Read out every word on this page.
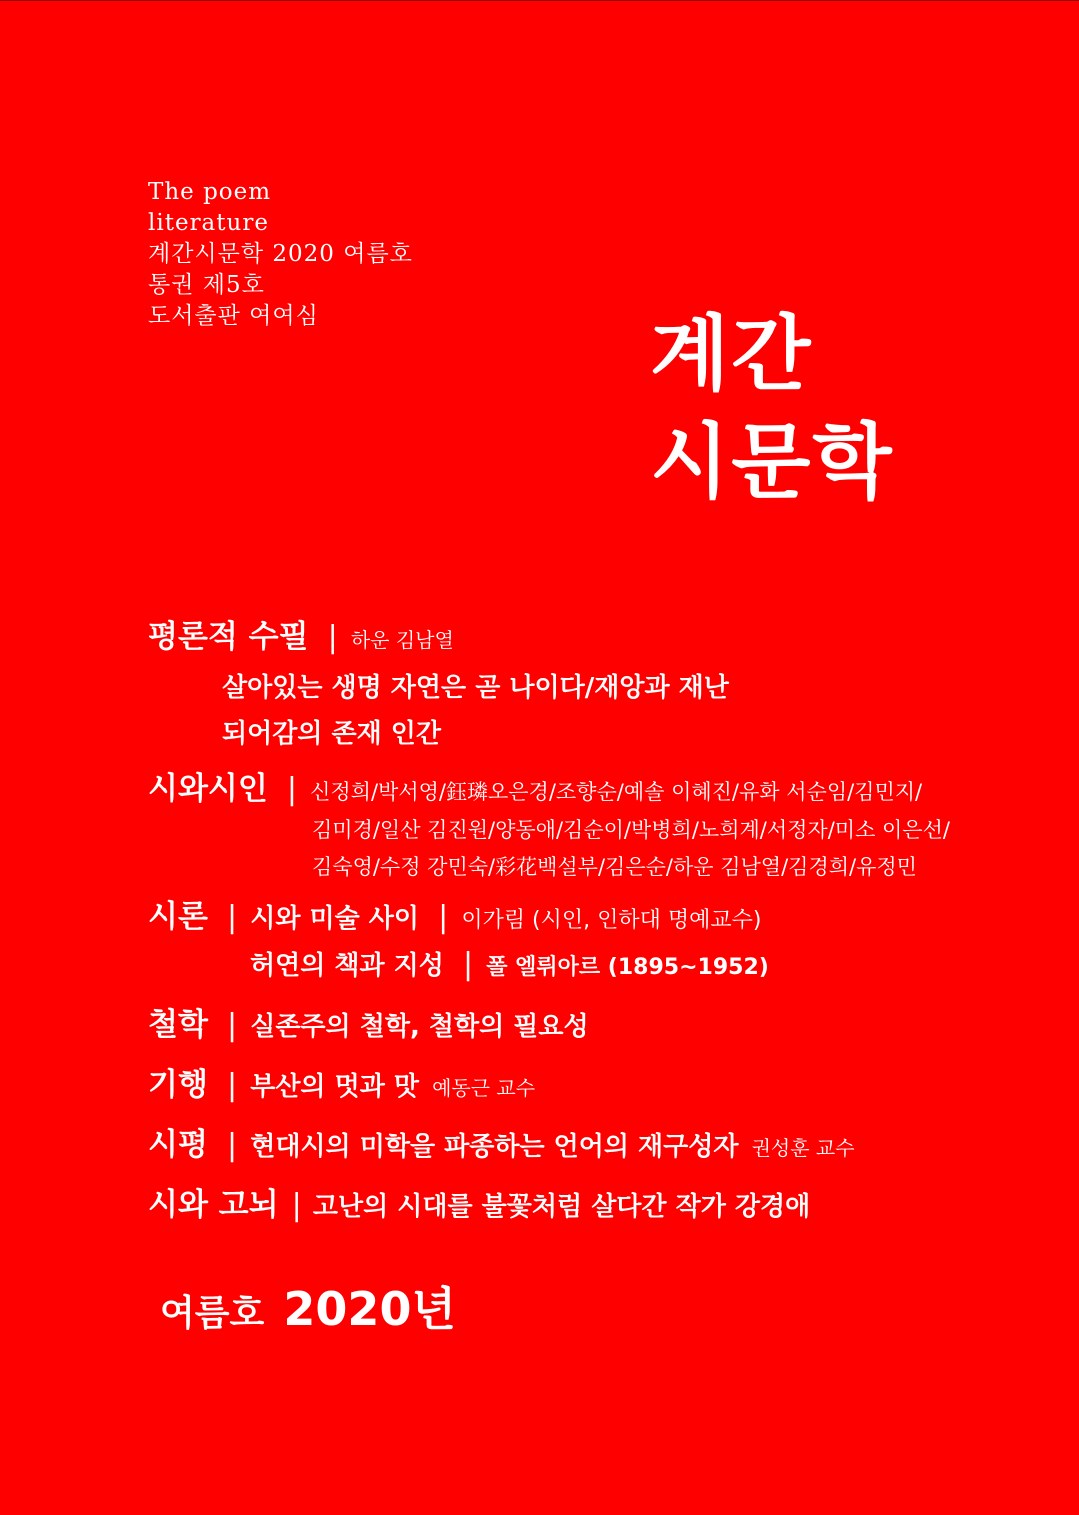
The poem
literature
계간시문학 2020 여름호
통권 제5호
도서출판 여여심	계간
시문학
평론적 수필 | 하운 김남열
살아있는 생명 자연은 곧 나이다/재앙과 재난
되어감의 존재 인간
시와시인 | 신정희/박서영/鈺璘오은경/조향순/예솔 이혜진/유화 서순임/김민지/
김미경/일산 김진원/양동애/김순이/박병희/노희계/서정자/미소 이은선/
김숙영/수정 강민숙/彩花백설부/김은순/하운 김남열/김경희/유정민
시론 | 시와 미술 사이 | 이가림 (시인, 인하대 명예교수)
허연의 책과 지성 | 폴 엘뤼아르 (1895~1952)
철학 | 실존주의 철학, 철학의 필요성
기행 | 부산의 멋과 맛 예동근 교수
시평 | 현대시의 미학을 파종하는 언어의 재구성자 권성훈 교수
시와 고뇌 | 고난의 시대를 불꽃처럼 살다간 작가 강경애
여름호 2020년
